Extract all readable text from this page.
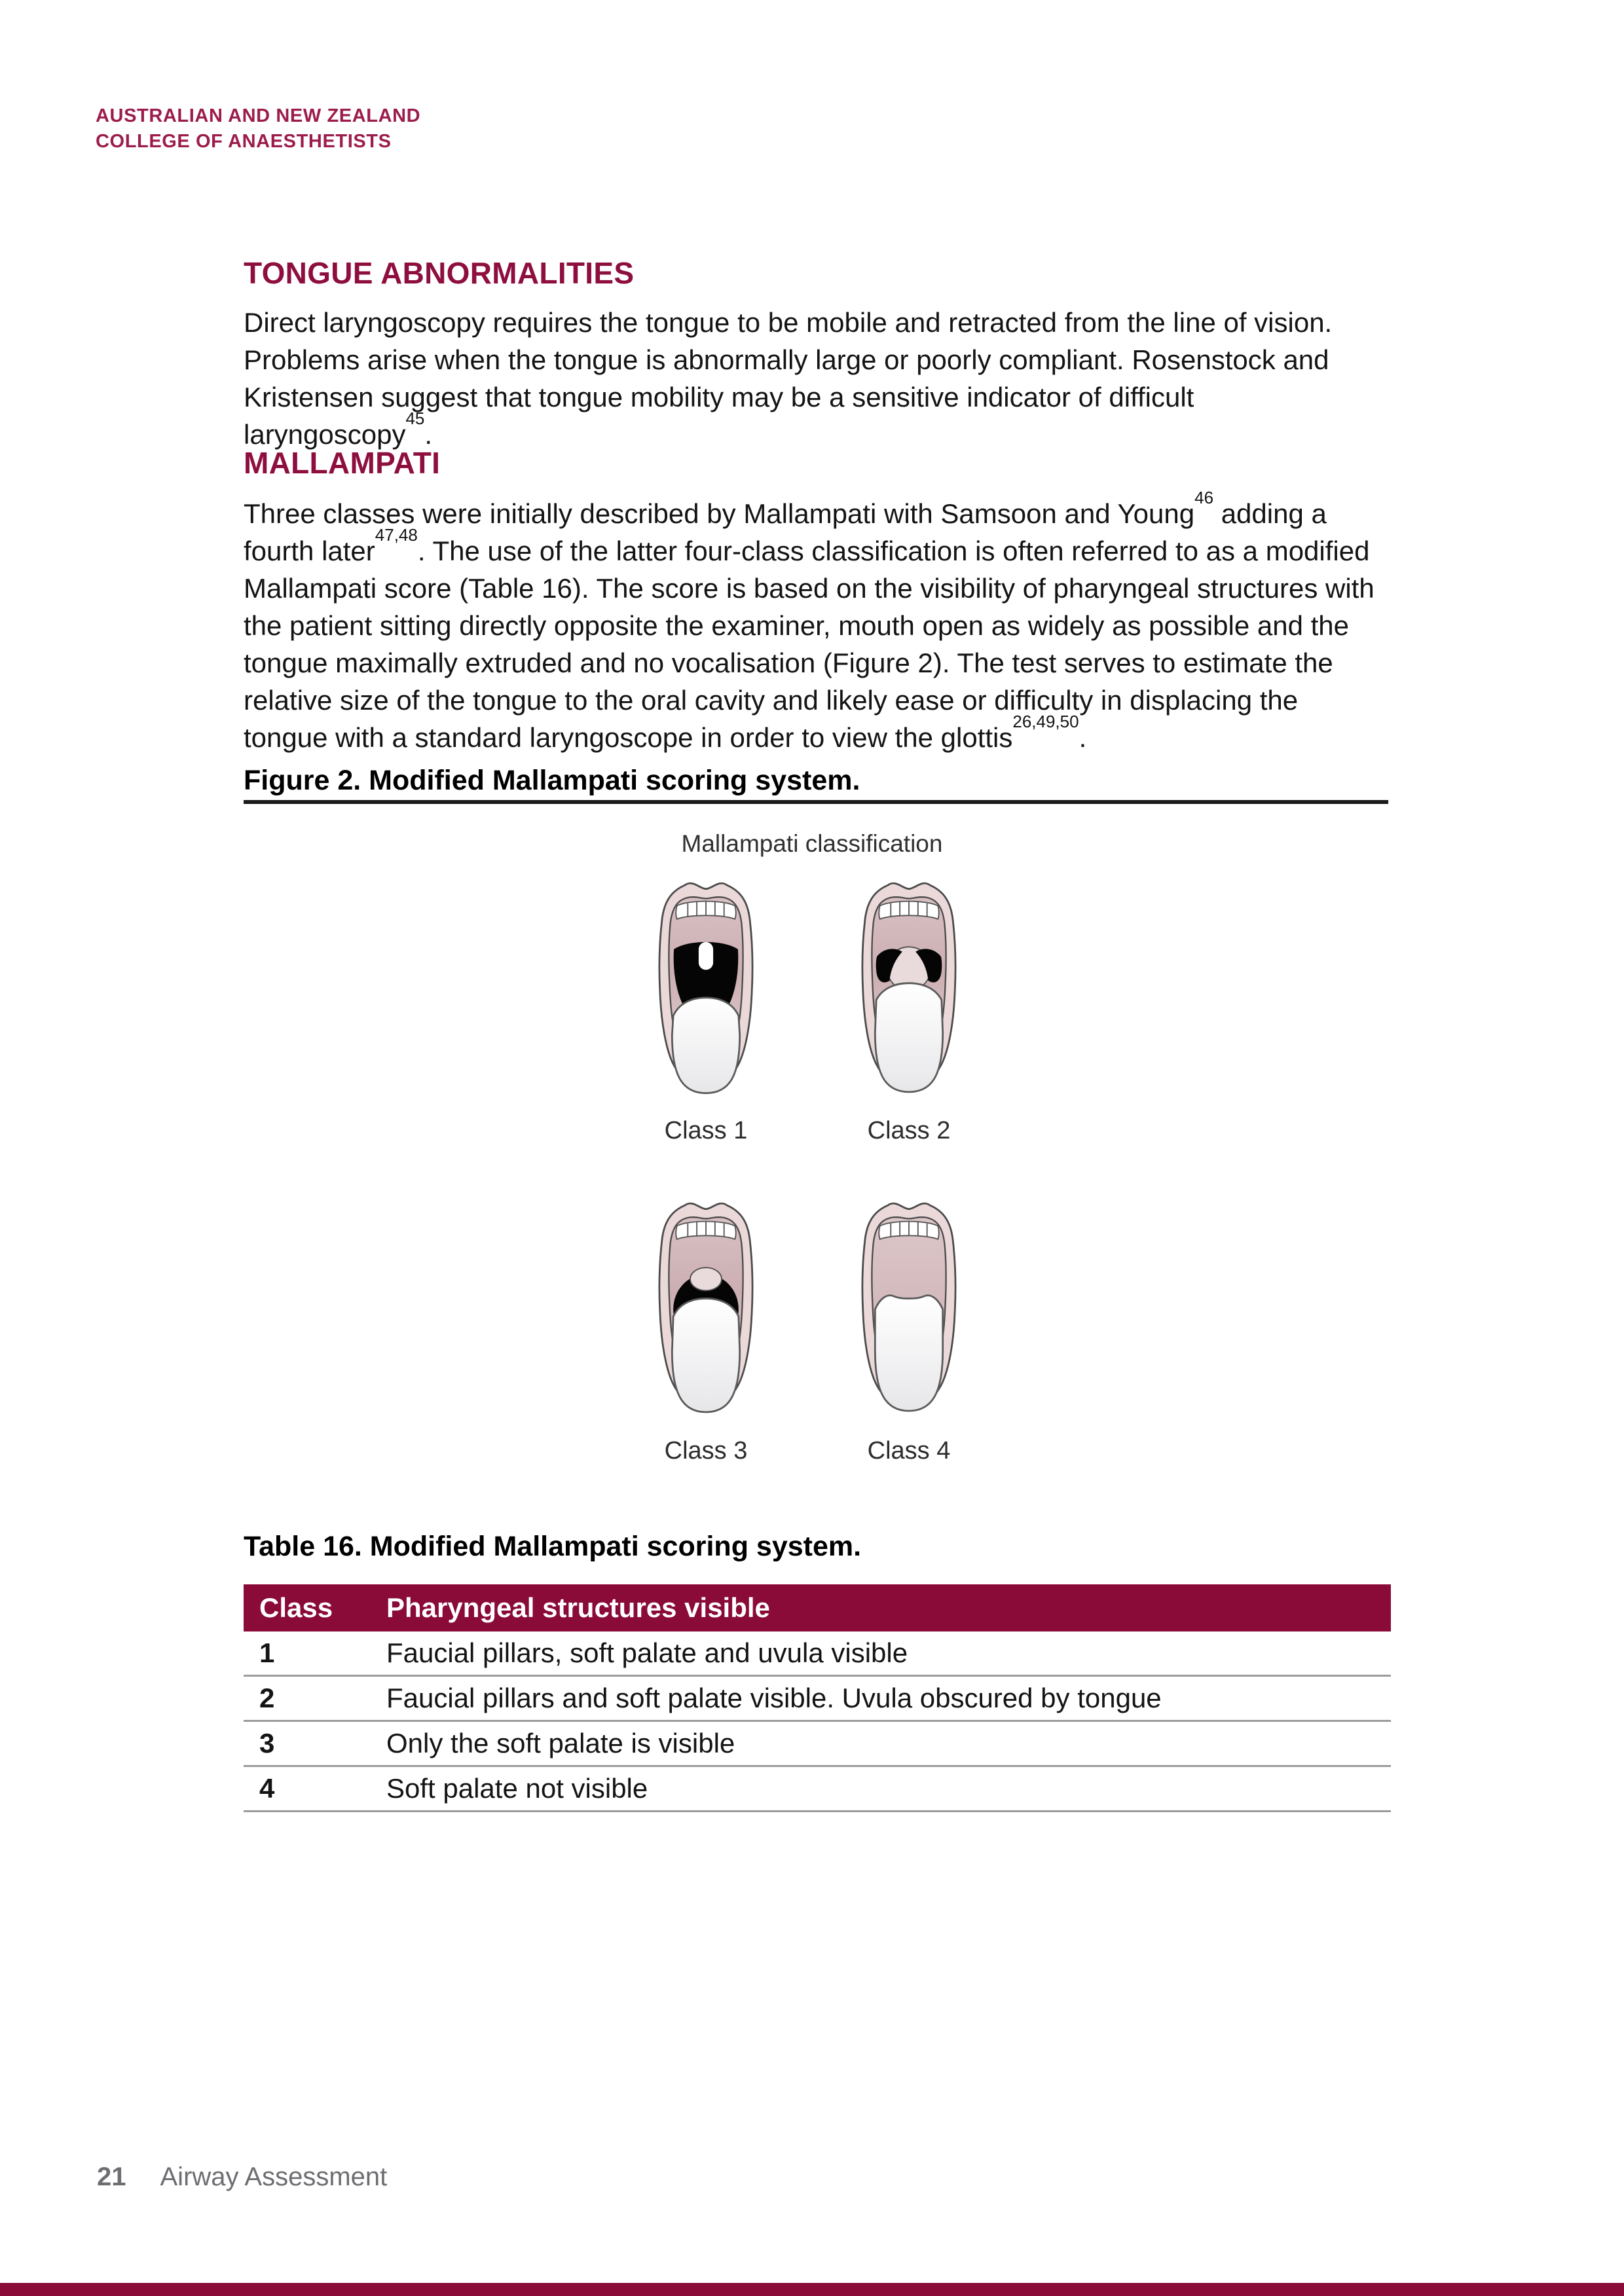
AUSTRALIAN AND NEW ZEALAND
COLLEGE OF ANAESTHETISTS
TONGUE ABNORMALITIES
Direct laryngoscopy requires the tongue to be mobile and retracted from the line of vision. Problems arise when the tongue is abnormally large or poorly compliant. Rosenstock and Kristensen suggest that tongue mobility may be a sensitive indicator of difficult laryngoscopy$^{45}$.
MALLAMPATI
Three classes were initially described by Mallampati with Samsoon and Young$^{46}$ adding a fourth later$^{47,48}$. The use of the latter four-class classification is often referred to as a modified Mallampati score (Table 16). The score is based on the visibility of pharyngeal structures with the patient sitting directly opposite the examiner, mouth open as widely as possible and the tongue maximally extruded and no vocalisation (Figure 2). The test serves to estimate the relative size of the tongue to the oral cavity and likely ease or difficulty in displacing the tongue with a standard laryngoscope in order to view the glottis$^{26,49,50}$.
Figure 2. Modified Mallampati scoring system.
Mallampati classification
Class 1	Class 2
Class 3	Class 4
Table 16. Modified Mallampati scoring system.
Class	Pharyngeal structures visible
1	Faucial pillars, soft palate and uvula visible
2	Faucial pillars and soft palate visible. Uvula obscured by tongue
3	Only the soft palate is visible
4	Soft palate not visible
21 Airway Assessment
